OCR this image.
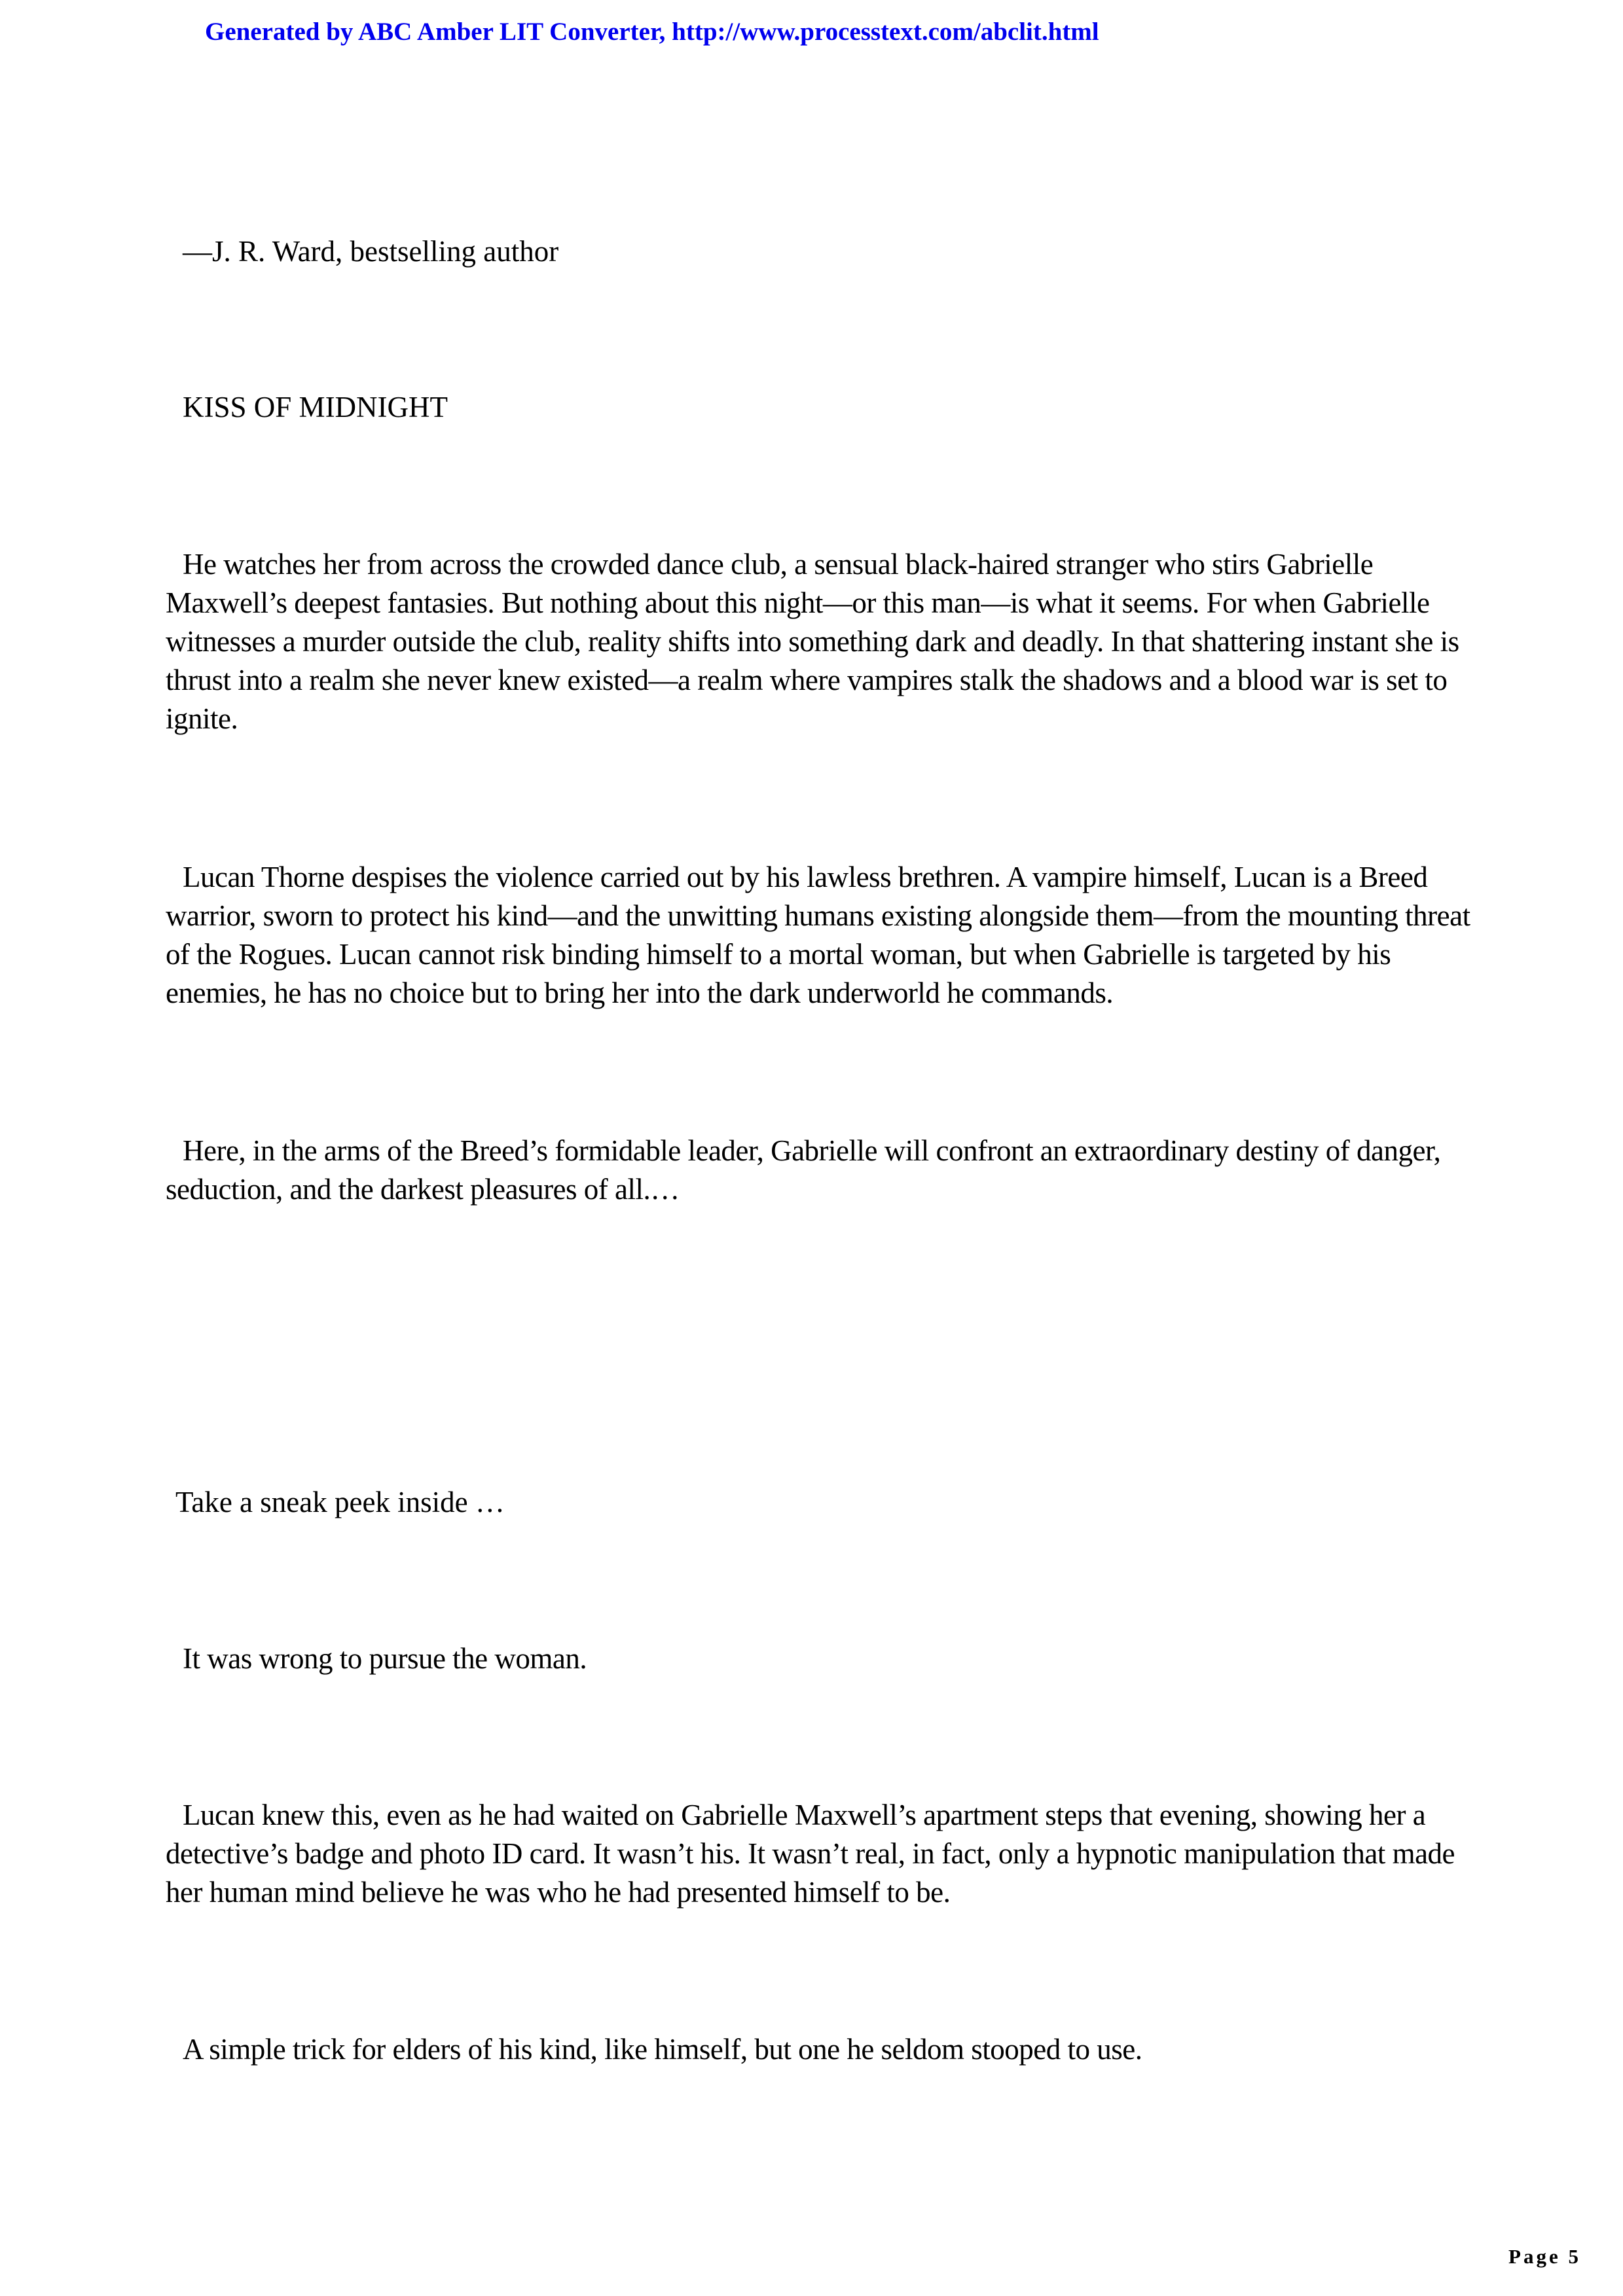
Generated by ABC Amber LIT Converter, http://www.processtext.com/abclit.html
—J. R. Ward, bestselling author
KISS OF MIDNIGHT

He watches her from across the crowded dance club, a sensual black-haired stranger who stirs Gabrielle Maxwell’s deepest fantasies. But nothing about this night—or this man—is what it seems. For when Gabrielle witnesses a murder outside the club, reality shifts into something dark and deadly. In that shattering instant she is thrust into a realm she never knew existed—a realm where vampires stalk the shadows and a blood war is set to ignite.

Lucan Thorne despises the violence carried out by his lawless brethren. A vampire himself, Lucan is a Breed warrior, sworn to protect his kind—and the unwitting humans existing alongside them—from the mounting threat of the Rogues. Lucan cannot risk binding himself to a mortal woman, but when Gabrielle is targeted by his enemies, he has no choice but to bring her into the dark underworld he commands.

Here, in the arms of the Breed’s formidable leader, Gabrielle will confront an extraordinary destiny of danger, seduction, and the darkest pleasures of all.…

Take a sneak peek inside …

It was wrong to pursue the woman.

Lucan knew this, even as he had waited on Gabrielle Maxwell’s apartment steps that evening, showing her a detective’s badge and photo ID card. It wasn’t his. It wasn’t real, in fact, only a hypnotic manipulation that made her human mind believe he was who he had presented himself to be.

A simple trick for elders of his kind, like himself, but one he seldom stooped to use.

Page 5
